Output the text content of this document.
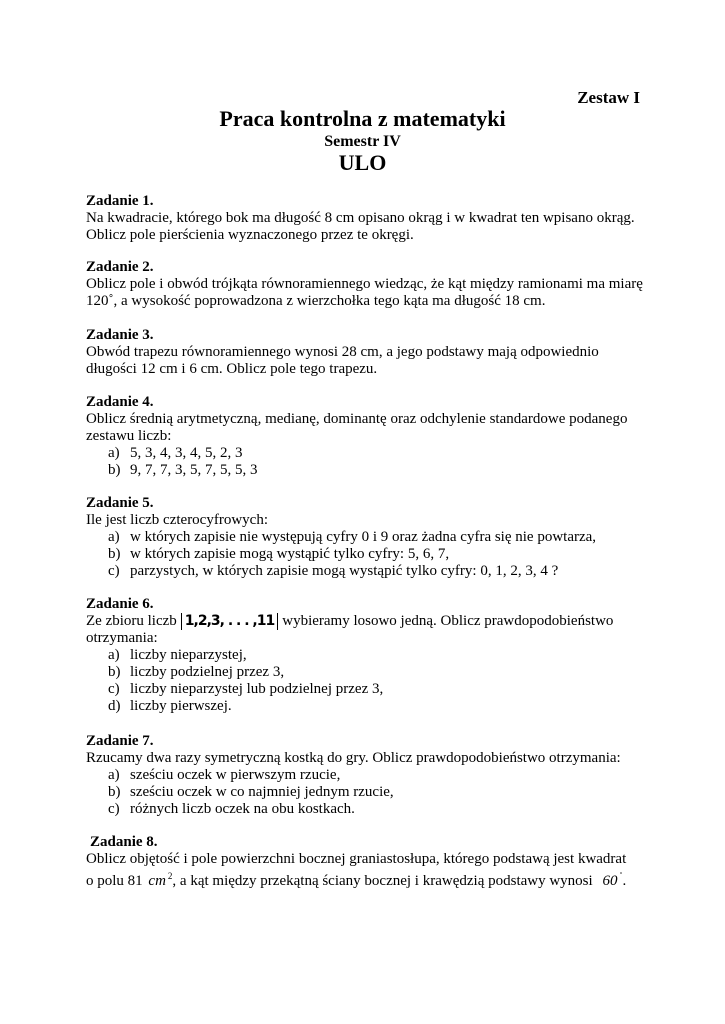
Zestaw I
Praca kontrolna z matematyki
Semestr IV
ULO

Zadanie 1.

Na kwadracie, którego bok ma długość 8 cm opisano okrąg i w kwadrat ten wpisano okrąg.

Oblicz pole pierścienia wyznaczonego przez te okręgi.

Zadanie 2.

Oblicz pole i obwód trójkąta równoramiennego wiedząc, że kąt między ramionami ma miarę

120˚, a wysokość poprowadzona z wierzchołka tego kąta ma długość 18 cm.

Zadanie 3.

Obwód trapezu równoramiennego wynosi 28 cm, a jego podstawy mają odpowiednio

długości 12 cm i 6 cm. Oblicz pole tego trapezu.

Zadanie 4.

Oblicz średnią arytmetyczną, medianę, dominantę oraz odchylenie standardowe podanego

zestawu liczb:

a) 5, 3, 4, 3, 4, 5, 2, 3
b) 9, 7, 7, 3, 5, 7, 5, 5, 3

Zadanie 5.

Ile jest liczb czterocyfrowych:

a) w których zapisie nie występują cyfry 0 i 9 oraz żadna cyfra się nie powtarza,
b) w których zapisie mogą wystąpić tylko cyfry: 5, 6, 7,
c) parzystych, w których zapisie mogą wystąpić tylko cyfry: 0, 1, 2, 3, 4 ?

Zadanie 6.

Ze zbioru liczb 1,2,3, . . . ,11 wybieramy losowo jedną. Oblicz prawdopodobieństwo

otrzymania:

a) liczby nieparzystej,
b) liczby podzielnej przez 3,
c) liczby nieparzystej lub podzielnej przez 3,
d) liczby pierwszej.

Zadanie 7.

Rzucamy dwa razy symetryczną kostką do gry. Oblicz prawdopodobieństwo otrzymania:

a) sześciu oczek w pierwszym rzucie,
b) sześciu oczek w co najmniej jednym rzucie,
c) różnych liczb oczek na obu kostkach.

Zadanie 8.

Oblicz objętość i pole powierzchni bocznej graniastosłupa, którego podstawą jest kwadrat

o polu 81 cm $^2$, a kąt między przekątną ściany bocznej i krawędzią podstawy wynosi 60 ˚.
